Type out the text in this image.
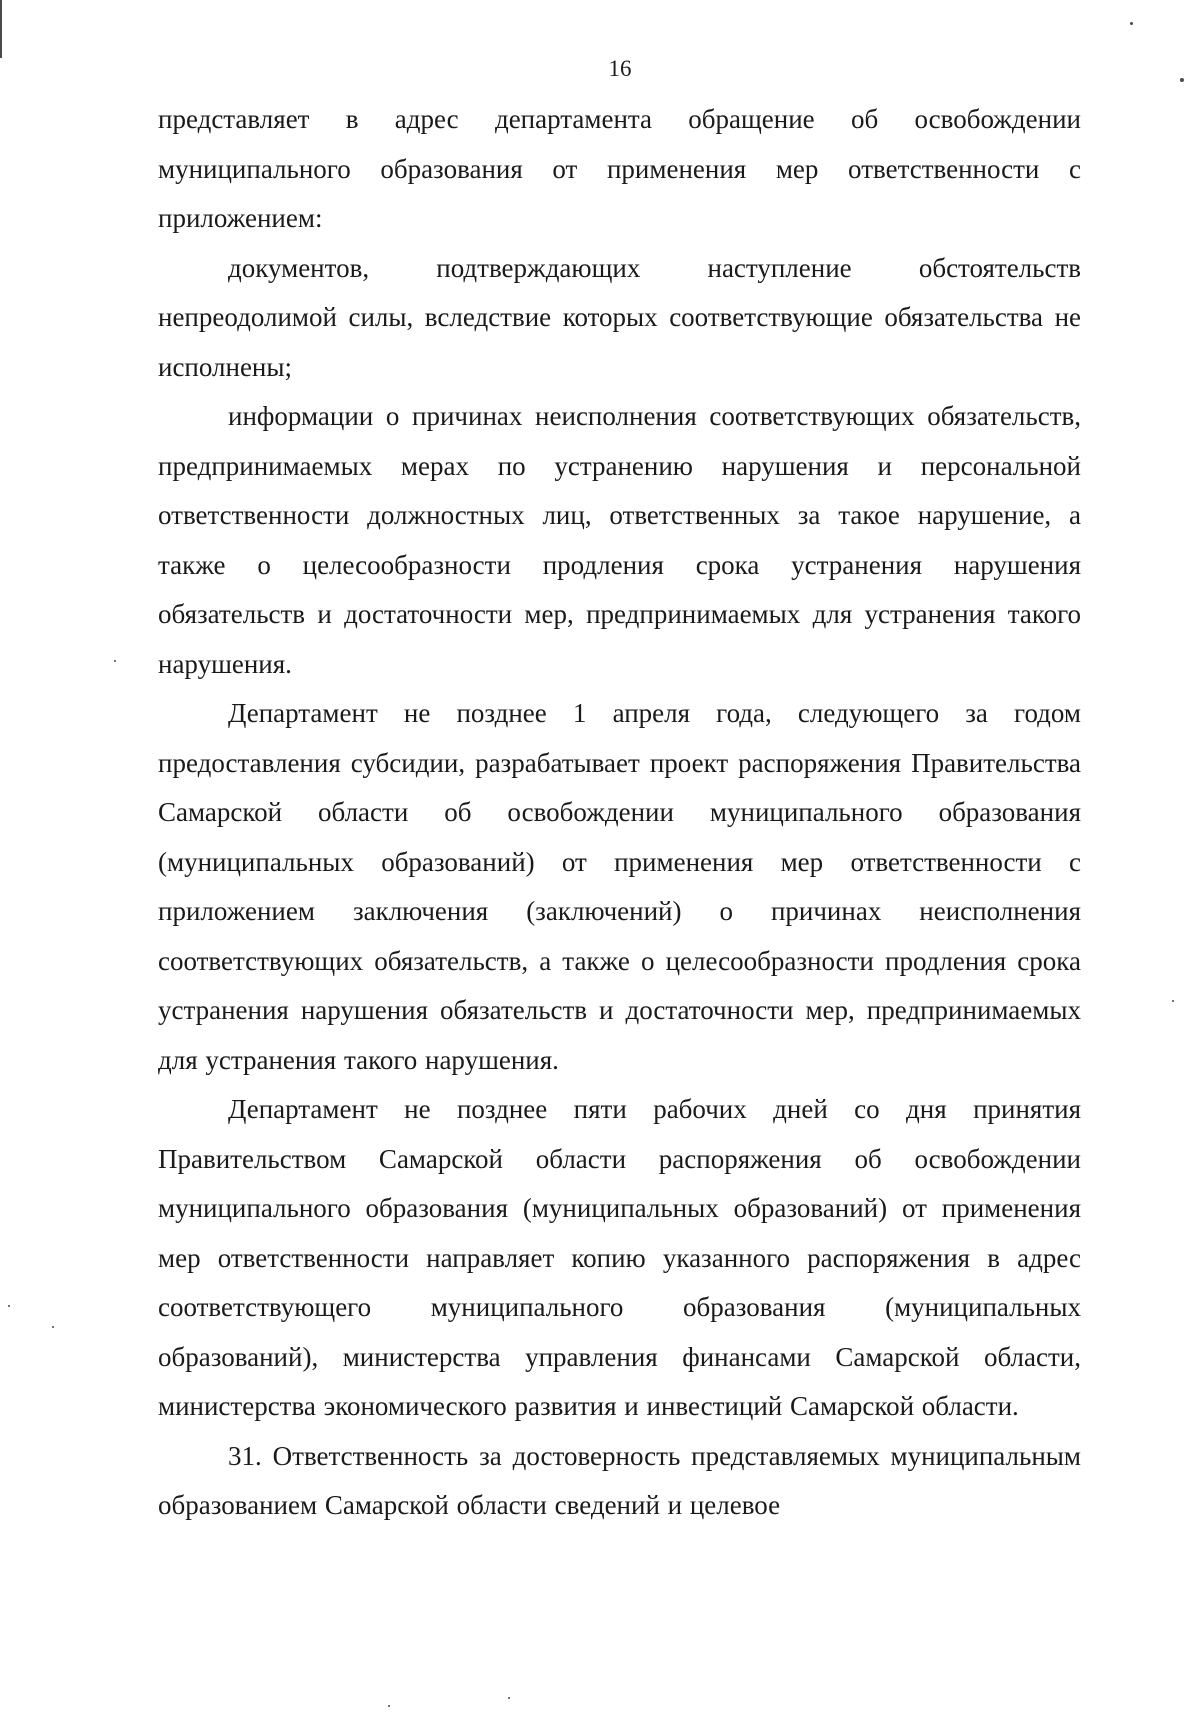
16

представляет в адрес департамента обращение об освобождении муниципального образования от применения мер ответственности с приложением:

документов, подтверждающих наступление обстоятельств непреодолимой силы, вследствие которых соответствующие обязательства не исполнены;

информации о причинах неисполнения соответствующих обязательств, предпринимаемых мерах по устранению нарушения и персональной ответственности должностных лиц, ответственных за такое нарушение, а также о целесообразности продления срока устранения нарушения обязательств и достаточности мер, предпринимаемых для устранения такого нарушения.

Департамент не позднее 1 апреля года, следующего за годом предоставления субсидии, разрабатывает проект распоряжения Правительства Самарской области об освобождении муниципального образования (муниципальных образований) от применения мер ответственности с приложением заключения (заключений) о причинах неисполнения соответствующих обязательств, а также о целесообразности продления срока устранения нарушения обязательств и достаточности мер, предпринимаемых для устранения такого нарушения.

Департамент не позднее пяти рабочих дней со дня принятия Правительством Самарской области распоряжения об освобождении муниципального образования (муниципальных образований) от применения мер ответственности направляет копию указанного распоряжения в адрес соответствующего муниципального образования (муниципальных образований), министерства управления финансами Самарской области, министерства экономического развития и инвестиций Самарской области.

31. Ответственность за достоверность представляемых муниципальным образованием Самарской области сведений и целевое
